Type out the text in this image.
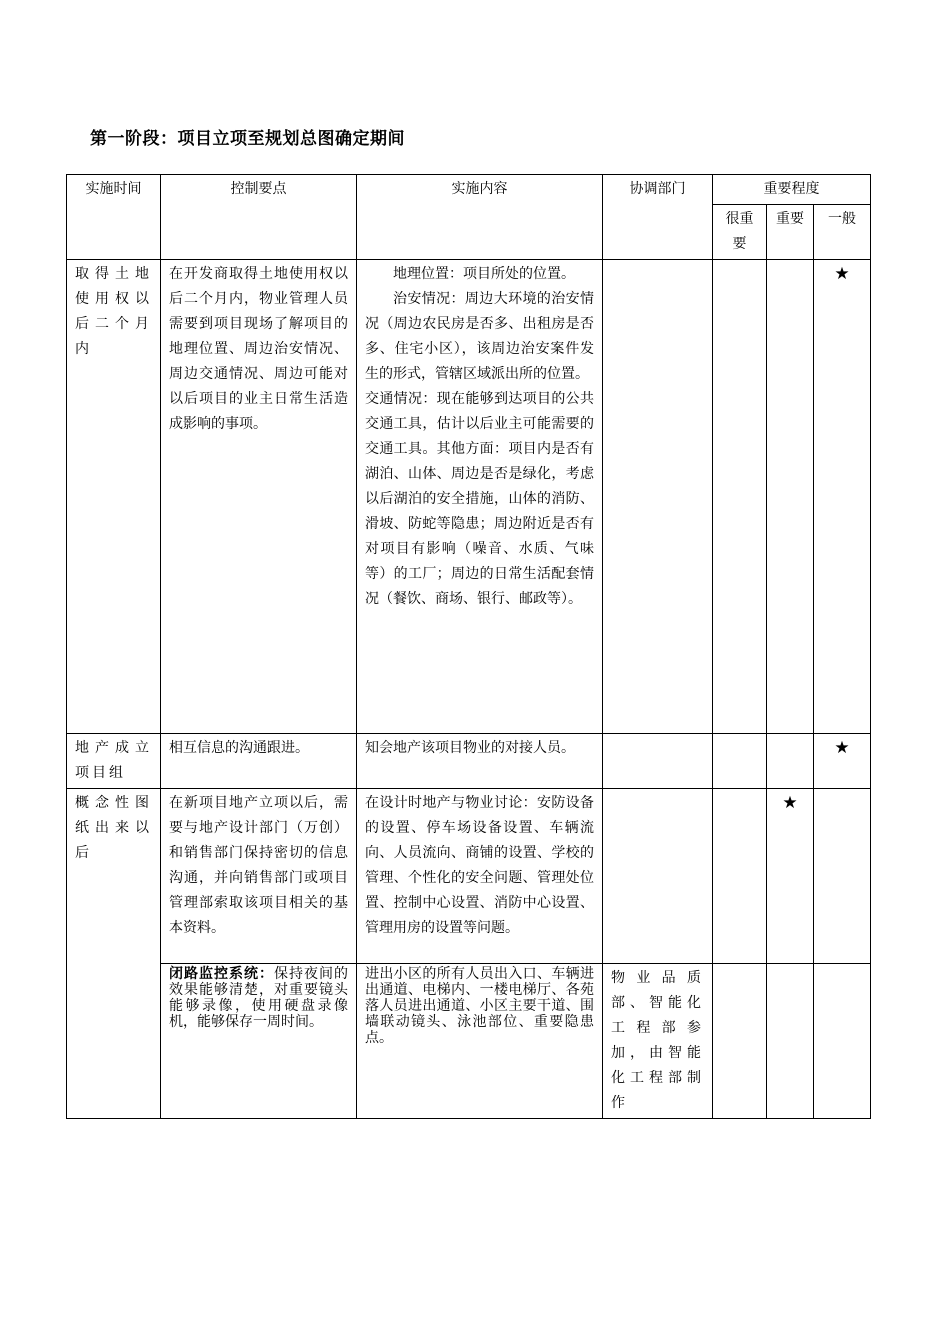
第一阶段：项目立项至规划总图确定期间
实施时间	控制要点	实施内容	协调部门	重要程度		
				很重要	重要	一般
取得土地使用权以后二个月内	在开发商取得土地使用权以后二个月内，物业管理人员需要到项目现场了解项目的地理位置、周边治安情况、周边交通情况、周边可能对以后项目的业主日常生活造成影响的事项。	地理位置：项目所处的位置。

治安情况：周边大环境的治安情况（周边农民房是否多、出租房是否多、住宅小区），该周边治安案件发生的形式，管辖区域派出所的位置。

交通情况：现在能够到达项目的公共交通工具，估计以后业主可能需要的交通工具。其他方面：项目内是否有湖泊、山体、周边是否是绿化，考虑以后湖泊的安全措施，山体的消防、滑坡、防蛇等隐患；周边附近是否有对项目有影响（噪音、水质、气味等）的工厂；周边的日常生活配套情况（餐饮、商场、银行、邮政等）。				★
地产成立项目组	相互信息的沟通跟进。	知会地产该项目物业的对接人员。				★
概念性图纸出来以后	在新项目地产立项以后，需要与地产设计部门（万创）和销售部门保持密切的信息沟通，并向销售部门或项目管理部索取该项目相关的基本资料。	在设计时地产与物业讨论：安防设备的设置、停车场设备设置、车辆流向、人员流向、商铺的设置、学校的管理、个性化的安全问题、管理处位置、控制中心设置、消防中心设置、管理用房的设置等问题。			★	
	闭路监控系统：保持夜间的效果能够清楚，对重要镜头能够录像，使用硬盘录像机，能够保存一周时间。	进出小区的所有人员出入口、车辆进出通道、电梯内、一楼电梯厅、各苑落人员进出通道、小区主要干道、围墙联动镜头、泳池部位、重要隐患点。	物业品质部、智能化工程部参加，由智能化工程部制作			
